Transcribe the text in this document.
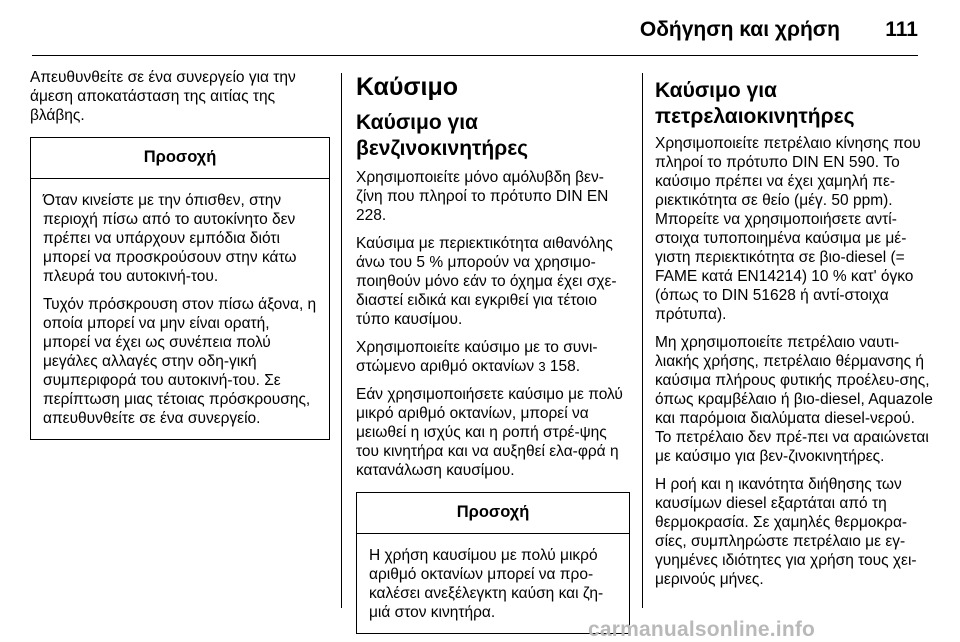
Οδήγηση και χρήση 111

Απευθυνθείτε σε ένα συνεργείο για την άμεση αποκατάσταση της αιτίας της βλάβης.

Προσοχή

Όταν κινείστε με την όπισθεν, στην περιοχή πίσω από το αυτοκίνητο δεν πρέπει να υπάρχουν εμπόδια διότι μπορεί να προσκρούσουν στην κάτω πλευρά του αυτοκινή-του.

Τυχόν πρόσκρουση στον πίσω άξονα, η οποία μπορεί να μην είναι ορατή, μπορεί να έχει ως συνέπεια πολύ μεγάλες αλλαγές στην οδη-γική συμπεριφορά του αυτοκινή-του. Σε περίπτωση μιας τέτοιας πρόσκρουσης, απευθυνθείτε σε ένα συνεργείο.

Καύσιμο
Καύσιμο για βενζινοκινητήρες

Χρησιμοποιείτε μόνο αμόλυβδη βεν-ζίνη που πληροί το πρότυπο DIN EN 228.

Καύσιμα με περιεκτικότητα αιθανόλης άνω του 5 % μπορούν να χρησιμο-ποιηθούν μόνο εάν το όχημα έχει σχε-διαστεί ειδικά και εγκριθεί για τέτοιο τύπο καυσίμου.

Χρησιμοποιείτε καύσιμο με το συνι-στώμενο αριθμό οκτανίων 3 158.

Εάν χρησιμοποιήσετε καύσιμο με πολύ μικρό αριθμό οκτανίων, μπορεί να μειωθεί η ισχύς και η ροπή στρέ-ψης του κινητήρα και να αυξηθεί ελα-φρά η κατανάλωση καυσίμου.

Προσοχή

Η χρήση καυσίμου με πολύ μικρό αριθμό οκτανίων μπορεί να προ-καλέσει ανεξέλεγκτη καύση και ζη-μιά στον κινητήρα.

Καύσιμο για πετρελαιοκινητήρες

Χρησιμοποιείτε πετρέλαιο κίνησης που πληροί το πρότυπο DIN EN 590. Το καύσιμο πρέπει να έχει χαμηλή πε-ριεκτικότητα σε θείο (μέγ. 50 ppm). Μπορείτε να χρησιμοποιήσετε αντί-στοιχα τυποποιημένα καύσιμα με μέ-γιστη περιεκτικότητα σε βιο-diesel (= FAME κατά EN14214) 10 % κατ' όγκο (όπως το DIN 51628 ή αντί-στοιχα πρότυπα).

Μη χρησιμοποιείτε πετρέλαιο ναυτι-λιακής χρήσης, πετρέλαιο θέρμανσης ή καύσιμα πλήρους φυτικής προέλευ-σης, όπως κραμβέλαιο ή βιο-diesel, Aquazole και παρόμοια διαλύματα diesel-νερού. Το πετρέλαιο δεν πρέ-πει να αραιώνεται με καύσιμο για βεν-ζινοκινητήρες.

Η ροή και η ικανότητα διήθησης των καυσίμων diesel εξαρτάται από τη θερμοκρασία. Σε χαμηλές θερμοκρα-σίες, συμπληρώστε πετρέλαιο με εγ-γυημένες ιδιότητες για χρήση τους χει-μερινούς μήνες.

carmanualsonline.info
